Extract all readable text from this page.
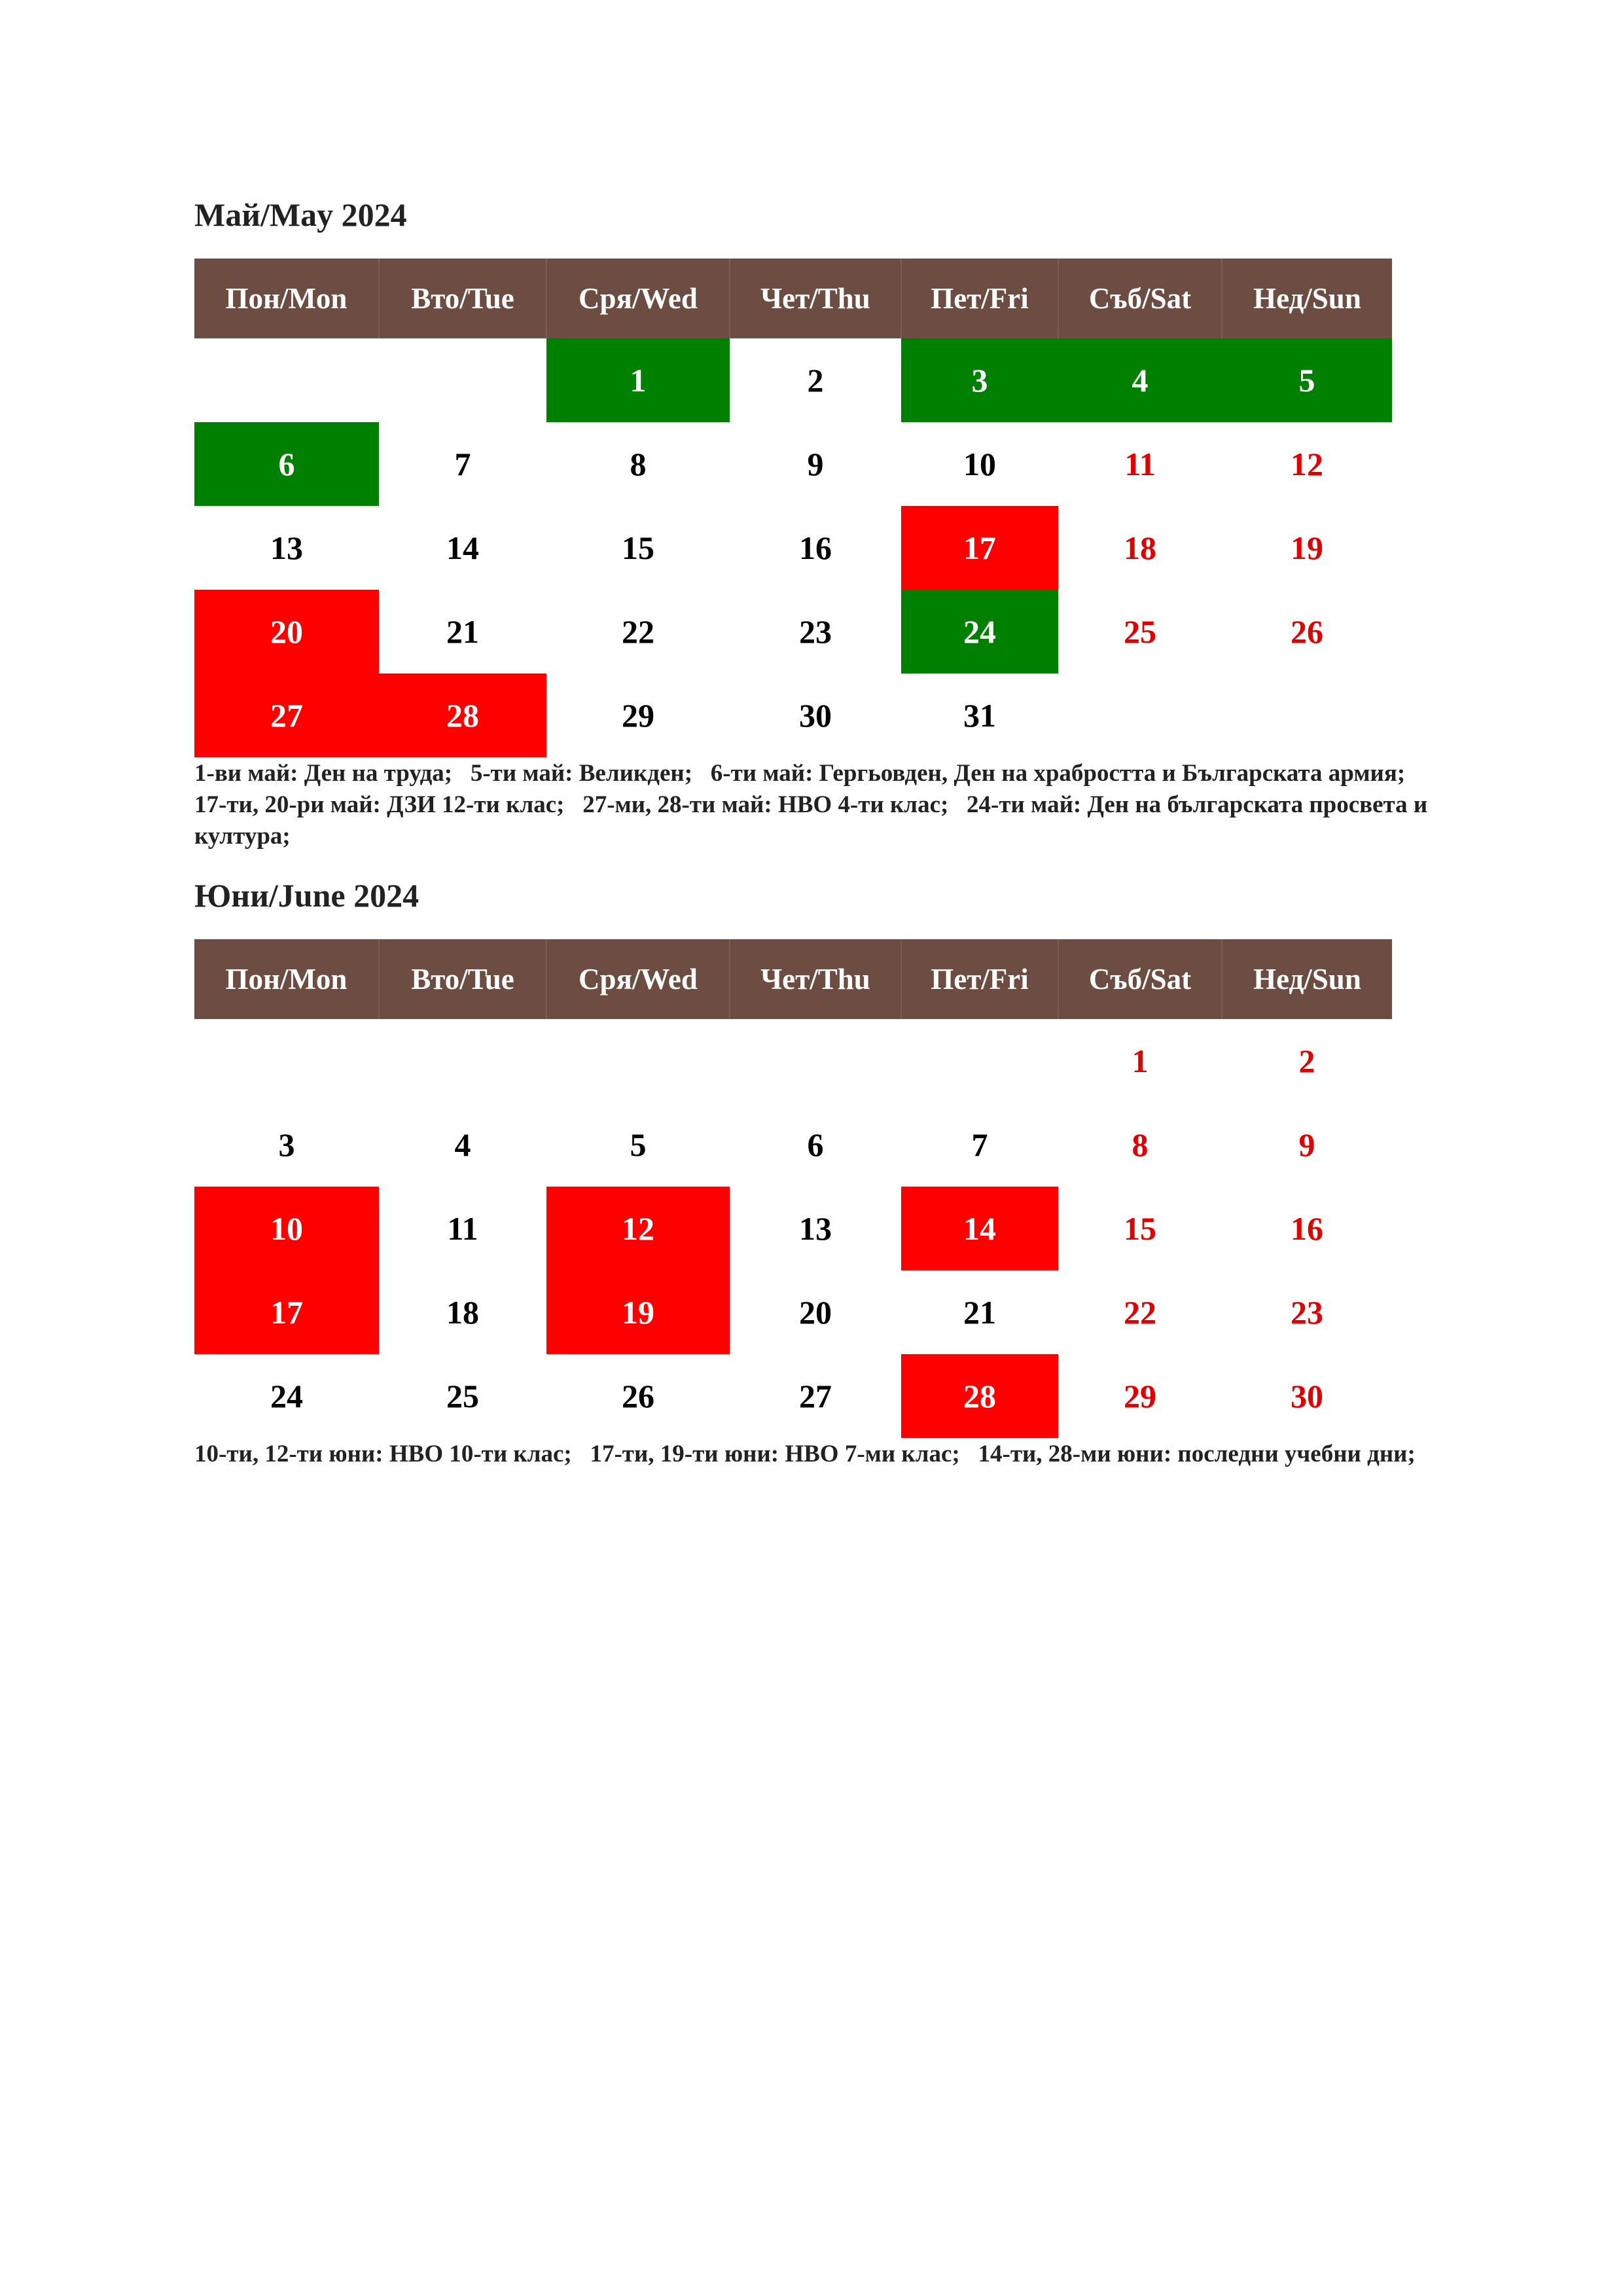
Май/May 2024
Пон/Mon	Вто/Tue	Сря/Wed	Чет/Thu	Пет/Fri	Съб/Sat	Нед/Sun
		1	2	3	4	5
6	7	8	9	10	11	12
13	14	15	16	17	18	19
20	21	22	23	24	25	26
27	28	29	30	31		

1-ви май: Ден на труда;   5-ти май: Великден;   6-ти май: Гергьовден, Ден на храбростта и Българската армия;   17-ти, 20-ри май: ДЗИ 12-ти клас;   27-ми, 28-ти май: НВО 4-ти клас;   24-ти май: Ден на българската просвета и култура;

Юни/June 2024
Пон/Mon	Вто/Tue	Сря/Wed	Чет/Thu	Пет/Fri	Съб/Sat	Нед/Sun
					1	2
3	4	5	6	7	8	9
10	11	12	13	14	15	16
17	18	19	20	21	22	23
24	25	26	27	28	29	30

10-ти, 12-ти юни: НВО 10-ти клас;   17-ти, 19-ти юни: НВО 7-ми клас;   14-ти, 28-ми юни: последни учебни дни;
